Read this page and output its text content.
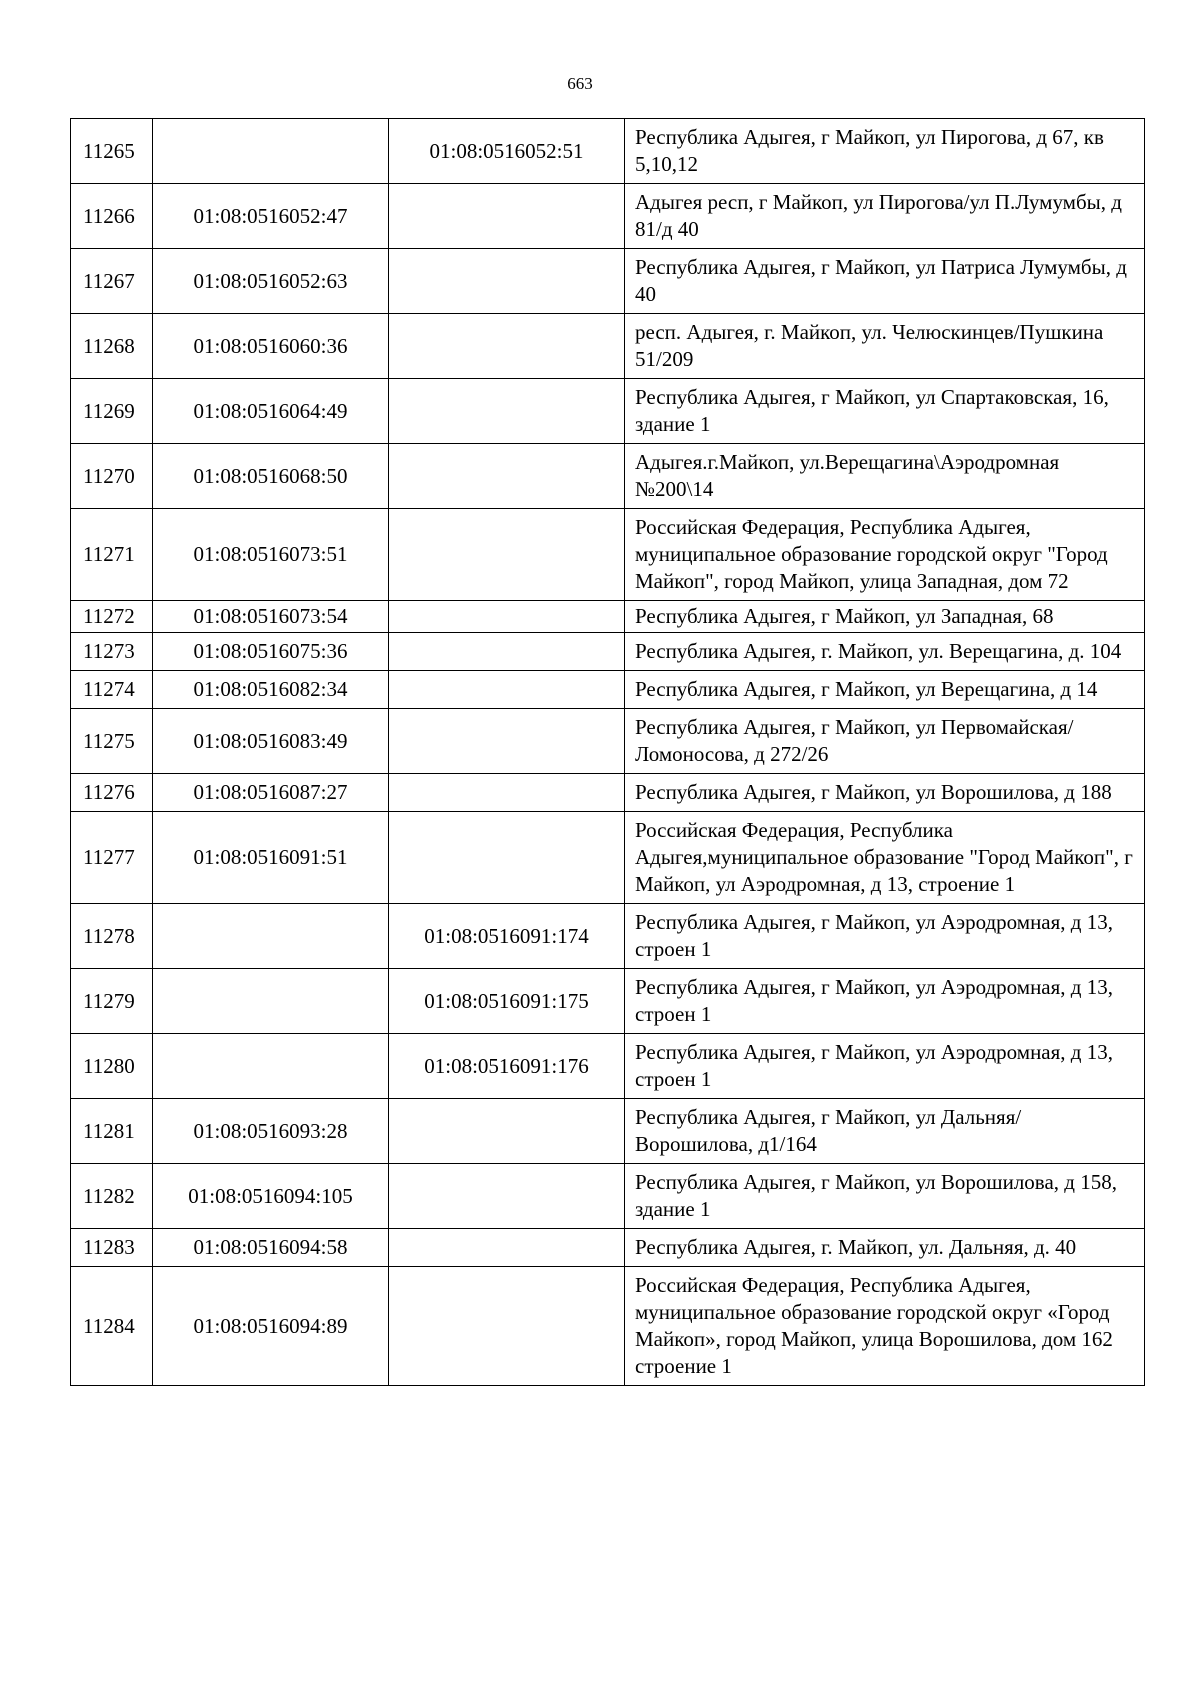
663
11265		01:08:0516052:51	Республика Адыгея, г Майкоп, ул Пирогова, д 67, кв 5,10,12
11266	01:08:0516052:47		Адыгея респ, г Майкоп, ул Пирогова/ул П.Лумумбы, д 81/д 40
11267	01:08:0516052:63		Республика Адыгея, г Майкоп, ул Патриса Лумумбы, д 40
11268	01:08:0516060:36		респ. Адыгея, г. Майкоп, ул. Челюскинцев/Пушкина 51/209
11269	01:08:0516064:49		Республика Адыгея, г Майкоп, ул Спартаковская, 16, здание 1
11270	01:08:0516068:50		Адыгея.г.Майкоп, ул.Верещагина\Аэродромная №200\14
11271	01:08:0516073:51		Российская Федерация, Республика Адыгея, муниципальное образование городской округ "Город Майкоп", город Майкоп, улица Западная, дом 72
11272	01:08:0516073:54		Республика Адыгея, г Майкоп, ул Западная, 68
11273	01:08:0516075:36		Республика Адыгея, г. Майкоп, ул. Верещагина, д. 104
11274	01:08:0516082:34		Республика Адыгея, г Майкоп, ул Верещагина, д 14
11275	01:08:0516083:49		Республика Адыгея, г Майкоп, ул Первомайская/Ломоносова, д 272/26
11276	01:08:0516087:27		Республика Адыгея, г Майкоп, ул Ворошилова, д 188
11277	01:08:0516091:51		Российская Федерация, Республика Адыгея,муниципальное образование "Город Майкоп", г Майкоп, ул Аэродромная, д 13, строение 1
11278		01:08:0516091:174	Республика Адыгея, г Майкоп, ул Аэродромная, д 13, строен 1
11279		01:08:0516091:175	Республика Адыгея, г Майкоп, ул Аэродромная, д 13, строен 1
11280		01:08:0516091:176	Республика Адыгея, г Майкоп, ул Аэродромная, д 13, строен 1
11281	01:08:0516093:28		Республика Адыгея, г Майкоп, ул Дальняя/Ворошилова, д1/164
11282	01:08:0516094:105		Республика Адыгея, г Майкоп, ул Ворошилова, д 158, здание 1
11283	01:08:0516094:58		Республика Адыгея, г. Майкоп, ул. Дальняя, д. 40
11284	01:08:0516094:89		Российская Федерация, Республика Адыгея, муниципальное образование городской округ «Город Майкоп», город Майкоп, улица Ворошилова, дом 162 строение 1
